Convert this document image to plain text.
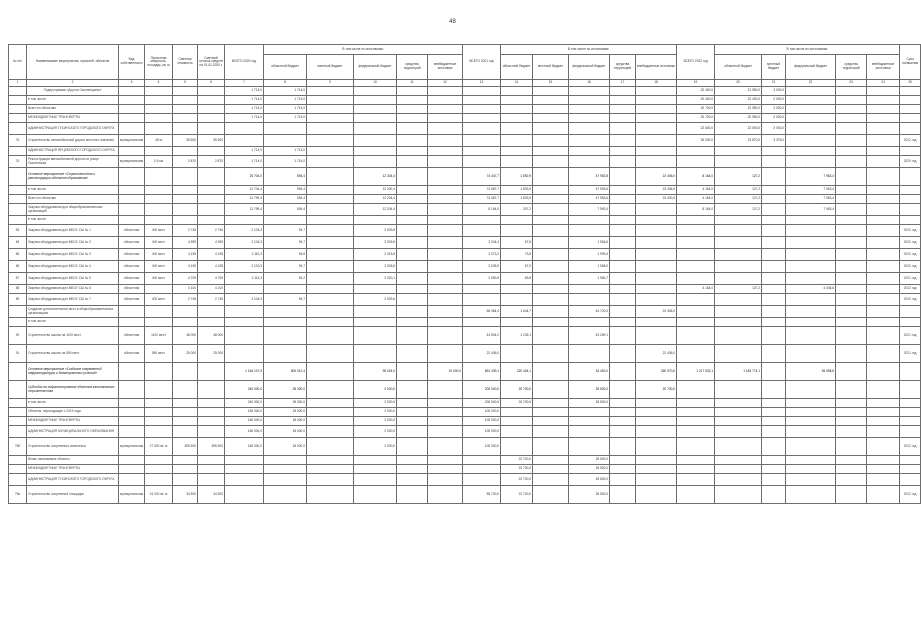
48
№ п/п	Наименование мероприятия, отраслей, объектов	Вид собственности	Проектная мощность, площадь, кв. м	Сметная стоимость	Сметный остаток средств на 01.01.2020 г.	ВСЕГО 2020 год	В том числе по источникам:					ВСЕГО 2021 год	В том числе по источникам:					ВСЕГО 2022 год	В том числе по источникам:					Срок погашения
							областной бюджет	местный бюджет	федеральный бюджет	средства территорий	внебюджетные источники		областной бюджет	местный бюджет	федеральный бюджет	средства территорий	внебюджетные источники		областной бюджет	местный бюджет	федеральный бюджет	средства территорий	внебюджетные источники	
1	2	3	4	5	6	7	8	9	10	11	12	13	14	15	16	17	18	19	20	21	22	23	24	25
	Подпрограмма «Дороги Смоленщины»					1 714,0	1 714,0											20 400,0	21 950,0	3 000,0				
	в том числе:					1 714,0	1 714,0											20 400,0	22 400,0	2 000,0				
	Всего по объектам					1 714,0	1 714,0											20 700,0	22 950,0	2 000,0				
	МЕЖБЮДЖЕТНЫЕ ТРАНСФЕРТЫ					1 714,0	1 714,0											20 700,0	20 950,0	2 000,0				
	АДМИНИСТРАЦИЯ ГУСИНСКОГО ГОРОДСКОГО ОКРУГА																	22 600,0	22 500,0	3 000,0				
76	Строительство автомобильной дороги местного значения	муниципальная	48 м	35 500	35 500													26 000,0	23 870,0	3 375,0				2022 год
	АДМИНИСТРАЦИЯ ЯРЦЕВСКОГО ГОРОДСКОГО ОКРУГА					1 714,0	1 714,0																	
76	Реконструкция автомобильной дороги по улице Смоленская	муниципальная	0,5 км	2 870	2 870	1 714,0	1 714,0																	2020 год
	Основное мероприятие «Строительство и реконструкция объектов образования»					25 704,0	594,4		12 304,4			74 447,7	1 892,9		47 952,8		22 406,0	8 164,0	127,2		7 963,4			
	в том числе:					12 704,4	594,4		12 200,4			74 687,7	1 833,9		47 953,6		23 406,0	4 164,0	127,2		7 963,4			
	Всего по объектам					12 799,4	594,4		12 204,4			74 487,7	1 833,9		47 953,6		23 400,0	4 164,0	127,2		7 963,4			
	Закупка оборудования для общеобразовательных организаций					12 799,4	594,4		12 204,4			8 164,0	207,2		7 963,4			8 164,0	127,2		7 963,4			
	в том числе:																							
83	Закупка оборудования для МБОУ СШ № 1	областная	400 мест	2 745	2 745	2 104,3	94,7		2 009,6															2020 год
84	Закупка оборудования для МБОУ СШ № 2	областная	400 мест	4 399	4 399	2 104,3	94,7		2 009,6			2 034,4	67,8		1 966,6									2020 год
85	Закупка оборудования для МБОУ СШ № 3	областная	400 мест	4 195	4 195	2 110,3	94,6		2 015,6			2 073,2	73,8		1 999,4									2020 год
86	Закупка оборудования для МБОУ СШ № 4	областная	400 мест	4 195	4 195	2 100,3	94,7		2 005,6			2 035,9	67,9		1 968,0									2020 год
87	Закупка оборудования для МБОУ СШ № 5	областная	400 мест	4 709	4 709	2 114,3	94,2		2 020,1			2 050,5	69,8		1 980,7									2021 год
88	Закупка оборудования для МБОУ СШ № 6	областная		4 100	4 100													4 164,0	127,2		4 036,8			2022 год
89	Закупка оборудования для МБОУ СШ № 7	областная	400 мест	2 745	2 745	2 104,3	94,7		2 009,6															2020 год
	Создание дополнительных мест в общеобразовательных организациях											66 364,4	1 644,7		44 720,0		22 406,0							
	в том числе:																							
90	Строительство школы на 1100 мест	областная	1100 мест	48 000	48 000							44 504,2	1 235,1		43 269,1									2021 год
91	Строительство школы на 550 мест	областная	550 мест	25 000	25 000							22 406,0					22 406,0							2021 год
	Основное мероприятие «Создание современной инфраструктуры и благоприятных условий»					1 164 137,9	800 012,4		95 024,0		10 000,0	891 439,1	220 404,1		34 452,0		330 970,0	1 217 932,1	1 183 774,1		35 058,8			
	Субсидии на софинансирование объектов капитального строительства					240 000,0	35 300,0		2 000,0			200 000,0	20 700,0		28 500,0		20 700,0							
	в том числе:					240 000,0	35 300,0		2 000,0			200 000,0	20 700,0		28 500,0									
	Объекты, переходящие с 2019 года					160 000,0	18 000,0		2 000,0			100 000,0												
	МЕЖБЮДЖЕТНЫЕ ТРАНСФЕРТЫ					160 000,0	18 000,0		2 000,0			100 000,0												
	АДМИНИСТРАЦИЯ МУНИЦИПАЛЬНОГО ОБРАЗОВАНИЯ					160 000,0	18 000,0		2 000,0			100 000,0												
76б	Строительство спортивного комплекса	муниципальная	27 500 кв. м	395 500	395 500	160 000,0	18 000,0		2 000,0			100 000,0												2022 год
	Вновь начинаемые объекты												22 700,0		28 500,0									
	МЕЖБЮДЖЕТНЫЕ ТРАНСФЕРТЫ												22 700,0		28 500,0									
	АДМИНИСТРАЦИЯ ГУСИНСКОГО ГОРОДСКОГО ОКРУГА												22 700,0		28 500,0									
76в	Строительство спортивной площадки	муниципальная	24 000 кв. м	34 500	34 500							55 700,0	22 700,0		28 500,0									2022 год
